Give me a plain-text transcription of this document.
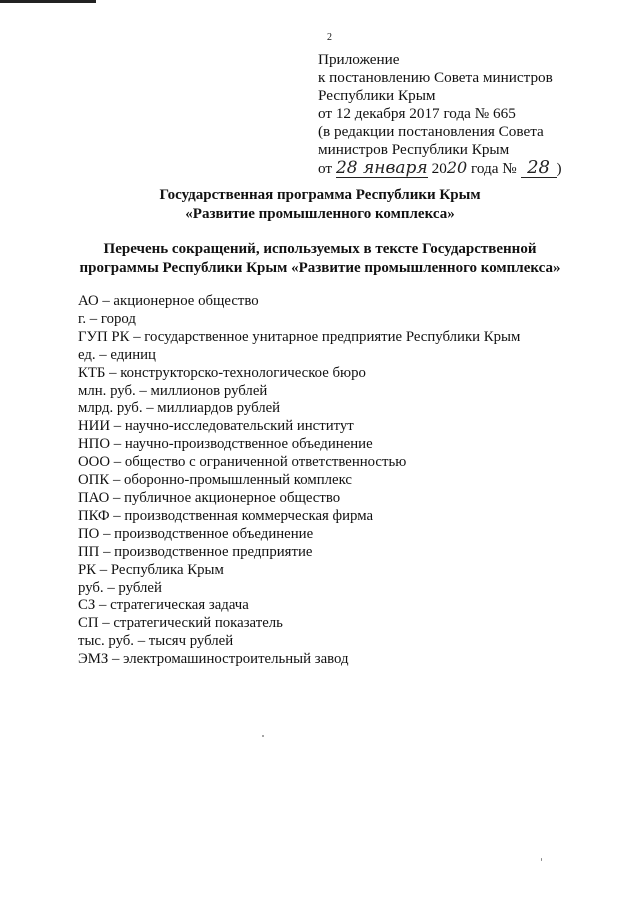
2
Приложение
к постановлению Совета министров
Республики Крым
от 12 декабря 2017 года № 665
(в редакции постановления Совета
министров Республики Крым
от 28 января 2020 года № 28 )
Государственная программа Республики Крым
«Развитие промышленного комплекса»
Перечень сокращений, используемых в тексте Государственной
программы Республики Крым «Развитие промышленного комплекса»
АО – акционерное общество
г. – город
ГУП РК – государственное унитарное предприятие Республики Крым
ед. – единиц
КТБ – конструкторско-технологическое бюро
млн. руб. – миллионов рублей
млрд. руб. – миллиардов рублей
НИИ – научно-исследовательский институт
НПО – научно-производственное объединение
ООО – общество с ограниченной ответственностью
ОПК – оборонно-промышленный комплекс
ПАО – публичное акционерное общество
ПКФ – производственная коммерческая фирма
ПО – производственное объединение
ПП – производственное предприятие
РК – Республика Крым
руб. – рублей
СЗ – стратегическая задача
СП – стратегический показатель
тыс. руб. – тысяч рублей
ЭМЗ – электромашиностроительный завод
